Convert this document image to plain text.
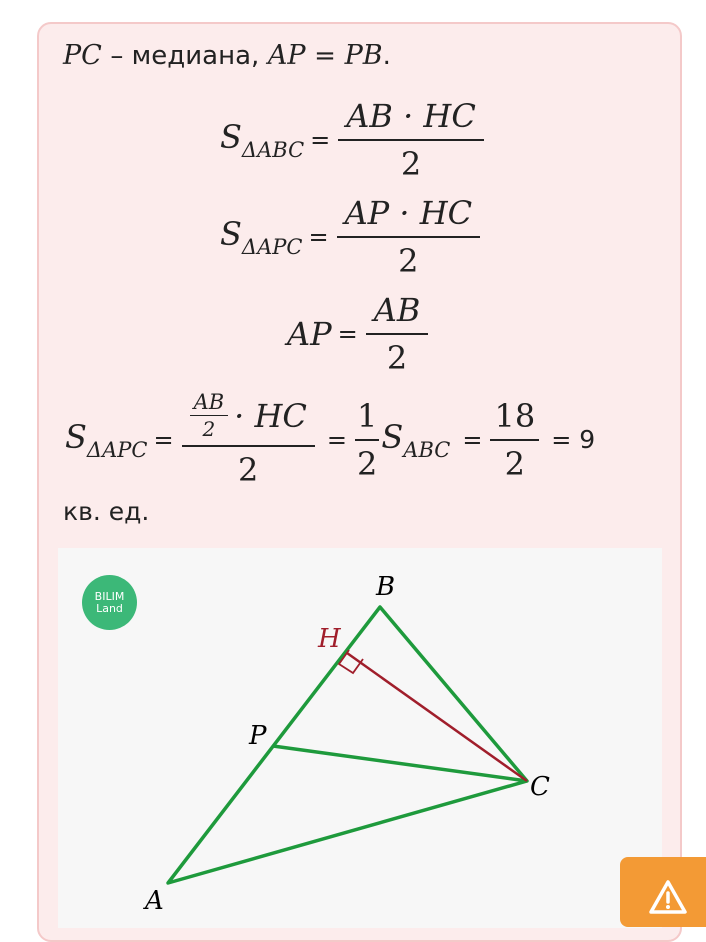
PC – медиана, AP = PB.
$S_{\Delta ABC} = \frac{AB \cdot HC}{2}$
$S_{\Delta APC} = \frac{AP \cdot HC}{2}$
AP = $\frac{AB}{2}$
$S_{\Delta APC} = \frac{\frac{AB}{2} \cdot HC}{2} = \frac{1}{2} S_{ABC} = \frac{18}{2} = 9$
кв. ед.
BILIM
Land
B
C
A
P
H
